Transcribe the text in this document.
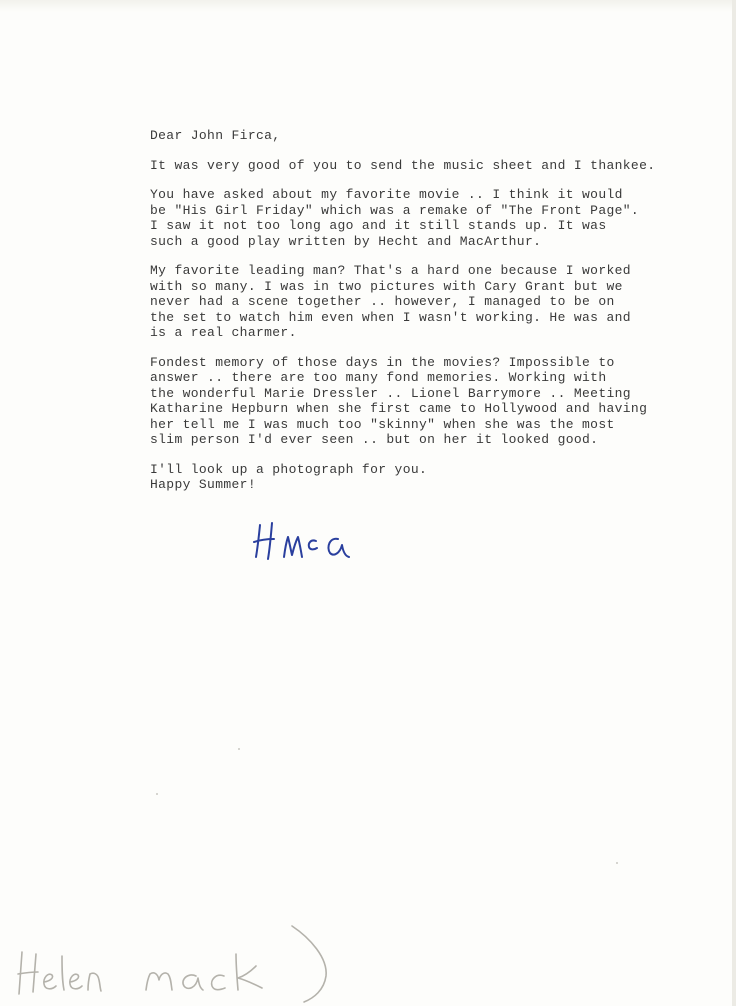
Dear John Firca,
It was very good of you to send the music sheet and I thankee.
You have asked about my favorite movie .. I think it would
be "His Girl Friday" which was a remake of "The Front Page".
I saw it not too long ago and it still stands up. It was
such a good play written by Hecht and MacArthur.
My favorite leading man? That's a hard one because I worked
with so many. I was in two pictures with Cary Grant but we
never had a scene together .. however, I managed to be on
the set to watch him even when I wasn't working. He was and
is a real charmer.
Fondest memory of those days in the movies? Impossible to
answer .. there are too many fond memories. Working with
the wonderful Marie Dressler .. Lionel Barrymore .. Meeting
Katharine Hepburn when she first came to Hollywood and having
her tell me I was much too "skinny" when she was the most
slim person I'd ever seen .. but on her it looked good.
I'll look up a photograph for you.
Happy Summer!
